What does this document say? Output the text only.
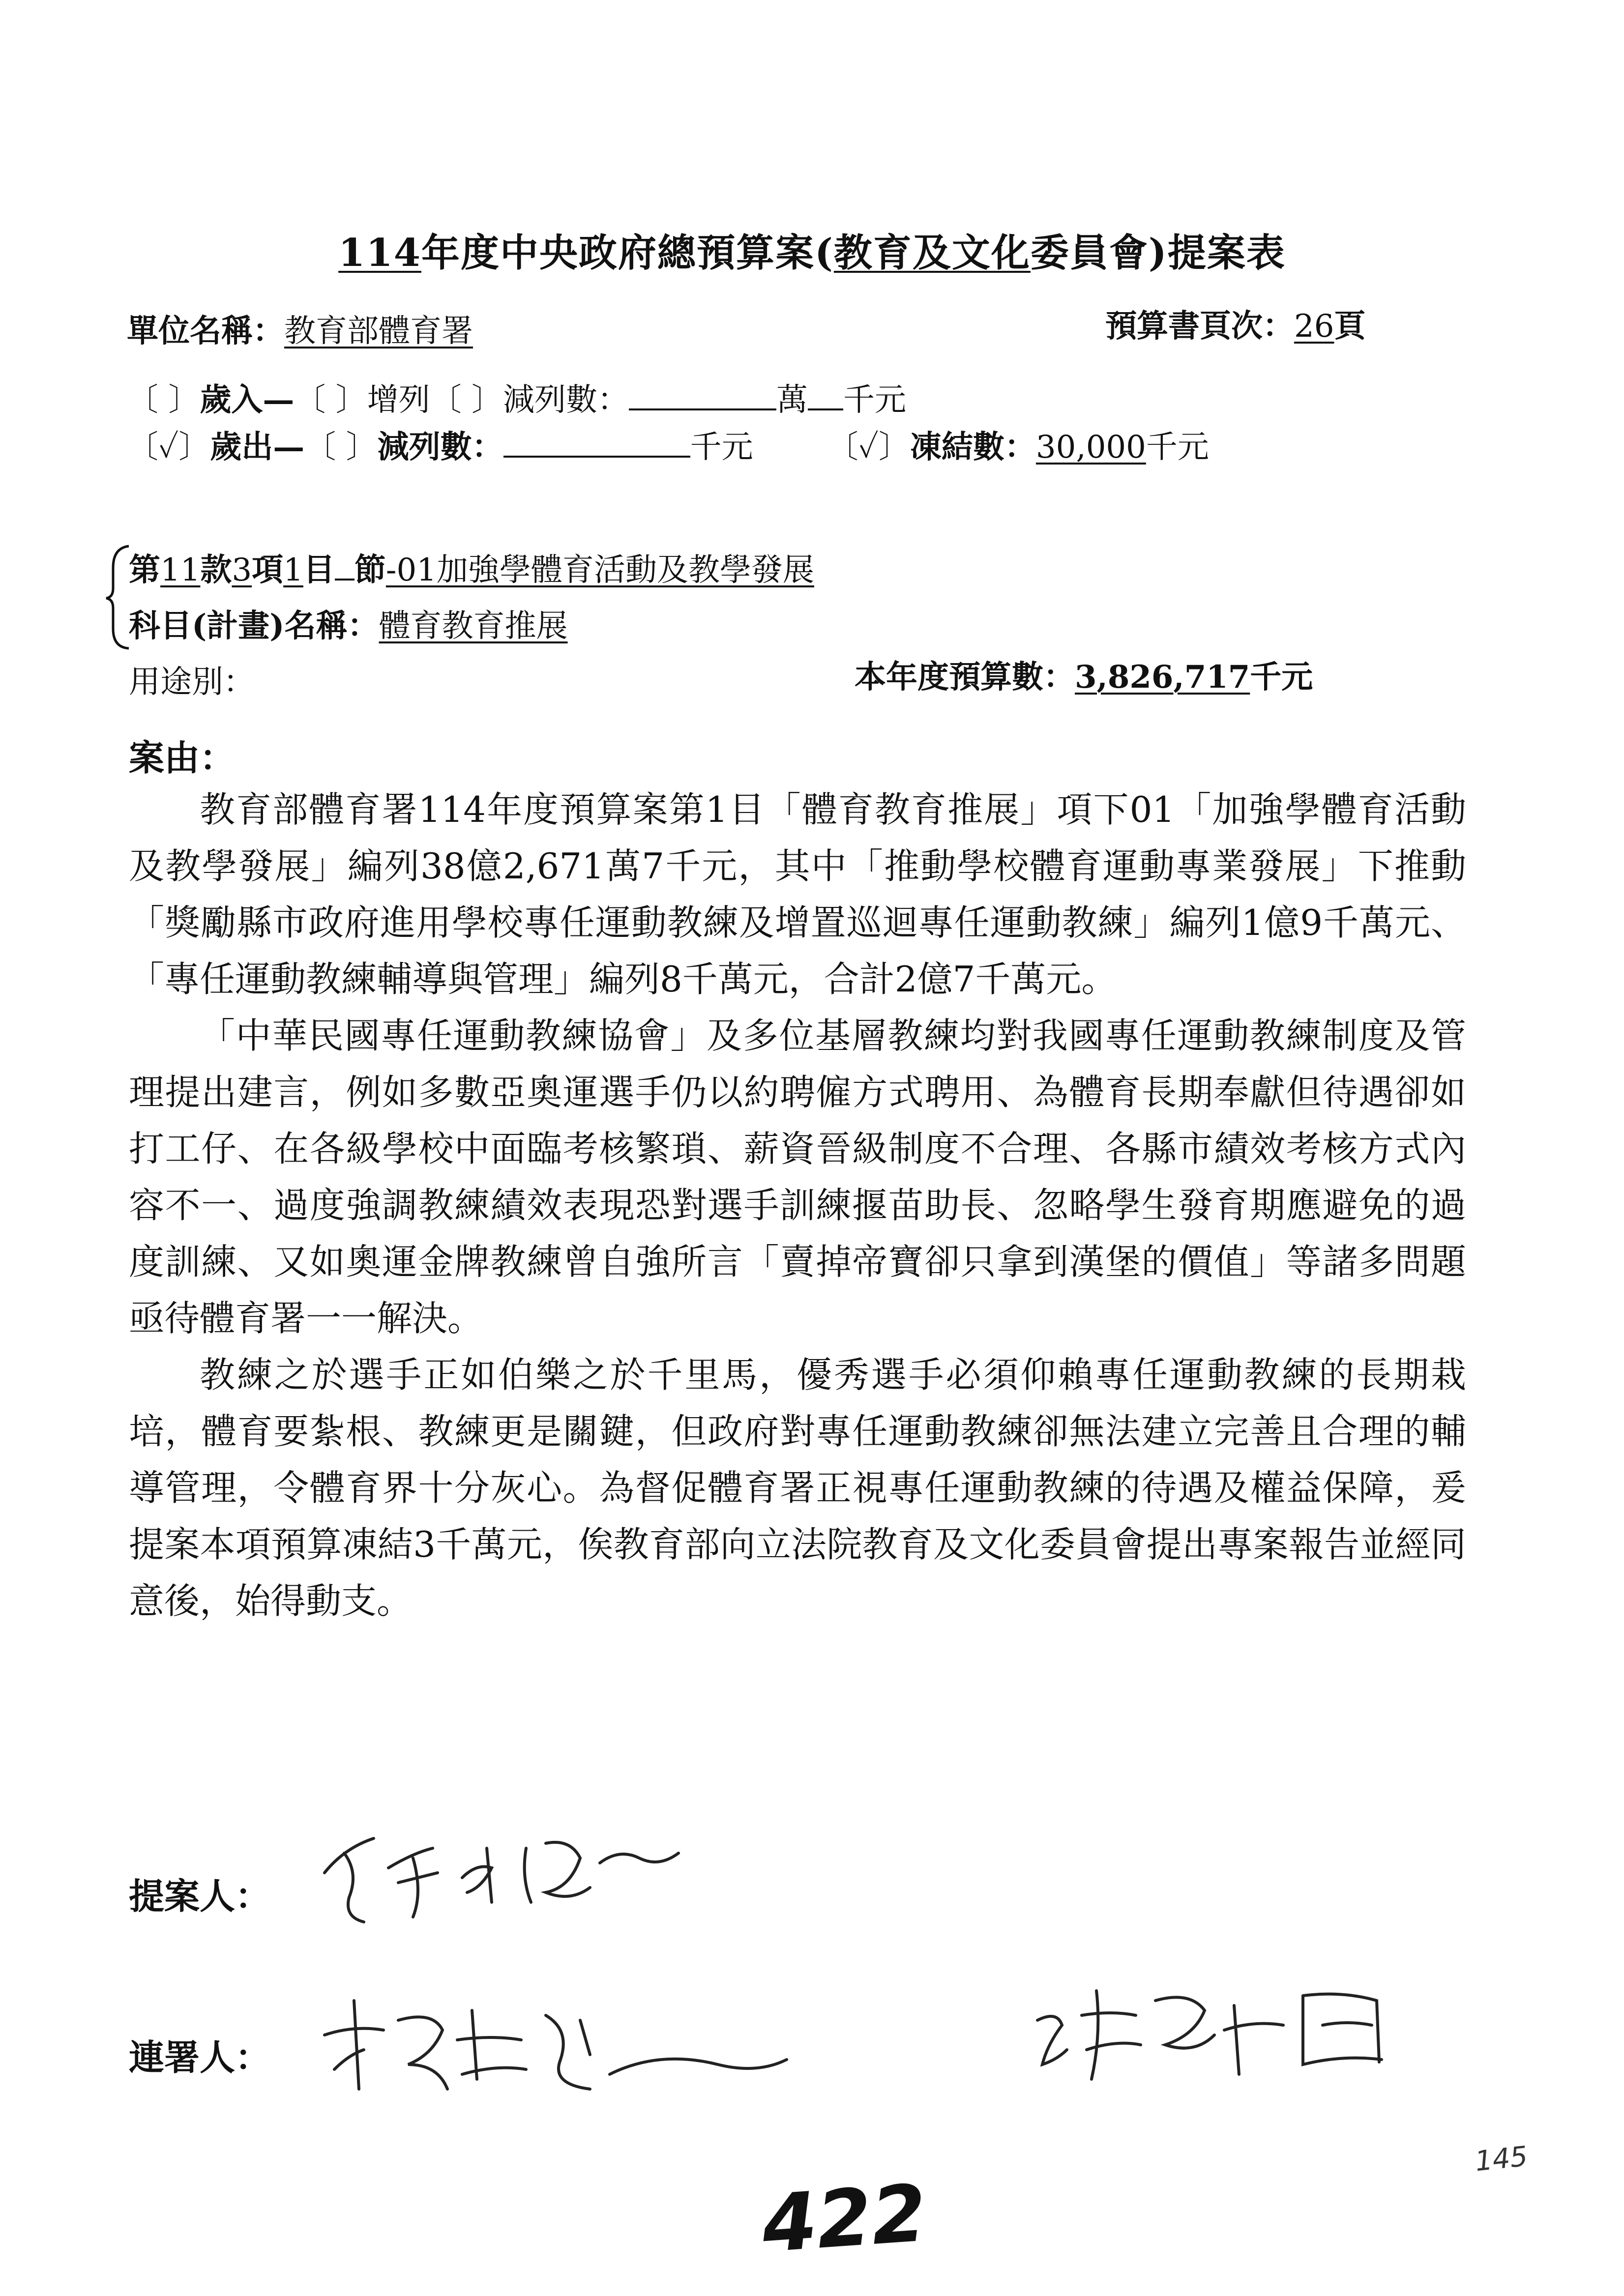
114年度中央政府總預算案(教育及文化委員會)提案表
單位名稱：教育部體育署	預算書頁次：26頁
〔 〕歲入—〔 〕增列〔 〕減列數：	萬 千元
〔✓〕歲出—〔 〕減列數：	千元 〔✓〕凍結數：30,000千元
第11款3項1目 節-01加強學體育活動及教學發展
科目(計畫)名稱：體育教育推展
用途別：	本年度預算數：3,826,717千元
案由：

教育部體育署114年度預算案第1目「體育教育推展」項下01「加強學體育活動及教學發展」編列38億2,671萬7千元，其中「推動學校體育運動專業發展」下推動「獎勵縣市政府進用學校專任運動教練及增置巡迴專任運動教練」編列1億9千萬元、「專任運動教練輔導與管理」編列8千萬元，合計2億7千萬元。

「中華民國專任運動教練協會」及多位基層教練均對我國專任運動教練制度及管理提出建言，例如多數亞奧運選手仍以約聘僱方式聘用、為體育長期奉獻但待遇卻如打工仔、在各級學校中面臨考核繁瑣、薪資晉級制度不合理、各縣市績效考核方式內容不一、過度強調教練績效表現恐對選手訓練揠苗助長、忽略學生發育期應避免的過度訓練、又如奧運金牌教練曾自強所言「賣掉帝寶卻只拿到漢堡的價值」等諸多問題亟待體育署一一解決。

教練之於選手正如伯樂之於千里馬，優秀選手必須仰賴專任運動教練的長期栽培，體育要紮根、教練更是關鍵，但政府對專任運動教練卻無法建立完善且合理的輔導管理，令體育界十分灰心。為督促體育署正視專任運動教練的待遇及權益保障，爰提案本項預算凍結3千萬元，俟教育部向立法院教育及文化委員會提出專案報告並經同意後，始得動支。

提案人：
連署人：
422
145
